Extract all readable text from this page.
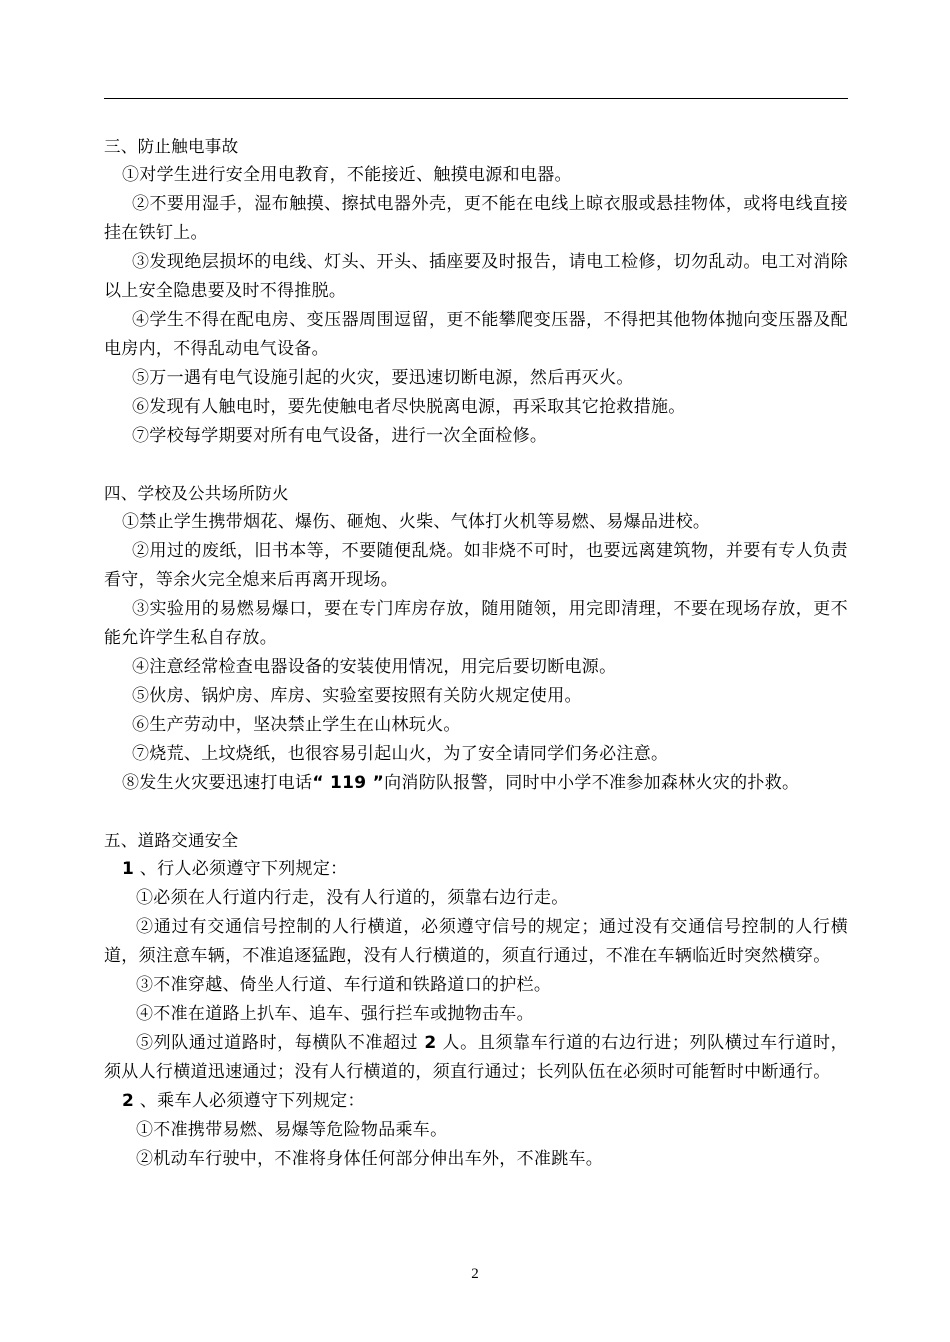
三、防止触电事故

①对学生进行安全用电教育，不能接近、触摸电源和电器。

②不要用湿手，湿布触摸、擦拭电器外壳，更不能在电线上晾衣服或悬挂物体，或将电线直接挂在铁钉上。

③发现绝层损坏的电线、灯头、开头、插座要及时报告，请电工检修，切勿乱动。电工对消除以上安全隐患要及时不得推脱。

④学生不得在配电房、变压器周围逗留，更不能攀爬变压器，不得把其他物体抛向变压器及配电房内，不得乱动电气设备。

⑤万一遇有电气设施引起的火灾，要迅速切断电源，然后再灭火。

⑥发现有人触电时，要先使触电者尽快脱离电源，再采取其它抢救措施。

⑦学校每学期要对所有电气设备，进行一次全面检修。

四、学校及公共场所防火

①禁止学生携带烟花、爆伤、砸炮、火柴、气体打火机等易燃、易爆品进校。

②用过的废纸，旧书本等，不要随便乱烧。如非烧不可时，也要远离建筑物，并要有专人负责看守，等余火完全熄来后再离开现场。

③实验用的易燃易爆口，要在专门库房存放，随用随领，用完即清理，不要在现场存放，更不能允许学生私自存放。

④注意经常检查电器设备的安装使用情况，用完后要切断电源。

⑤伙房、锅炉房、库房、实验室要按照有关防火规定使用。

⑥生产劳动中，坚决禁止学生在山林玩火。

⑦烧荒、上坟烧纸，也很容易引起山火，为了安全请同学们务必注意。

⑧发生火灾要迅速打电话“ 119 ”向消防队报警，同时中小学不准参加森林火灾的扑救。

五、道路交通安全

1 、行人必须遵守下列规定：

①必须在人行道内行走，没有人行道的，须靠右边行走。

②通过有交通信号控制的人行横道，必须遵守信号的规定；通过没有交通信号控制的人行横道，须注意车辆，不准追逐猛跑，没有人行横道的，须直行通过，不准在车辆临近时突然横穿。

③不准穿越、倚坐人行道、车行道和铁路道口的护栏。

④不准在道路上扒车、追车、强行拦车或抛物击车。

⑤列队通过道路时，每横队不准超过 2 人。且须靠车行道的右边行进；列队横过车行道时，须从人行横道迅速通过；没有人行横道的，须直行通过；长列队伍在必须时可能暂时中断通行。

2 、乘车人必须遵守下列规定：

①不准携带易燃、易爆等危险物品乘车。

②机动车行驶中，不准将身体任何部分伸出车外，不准跳车。

2
